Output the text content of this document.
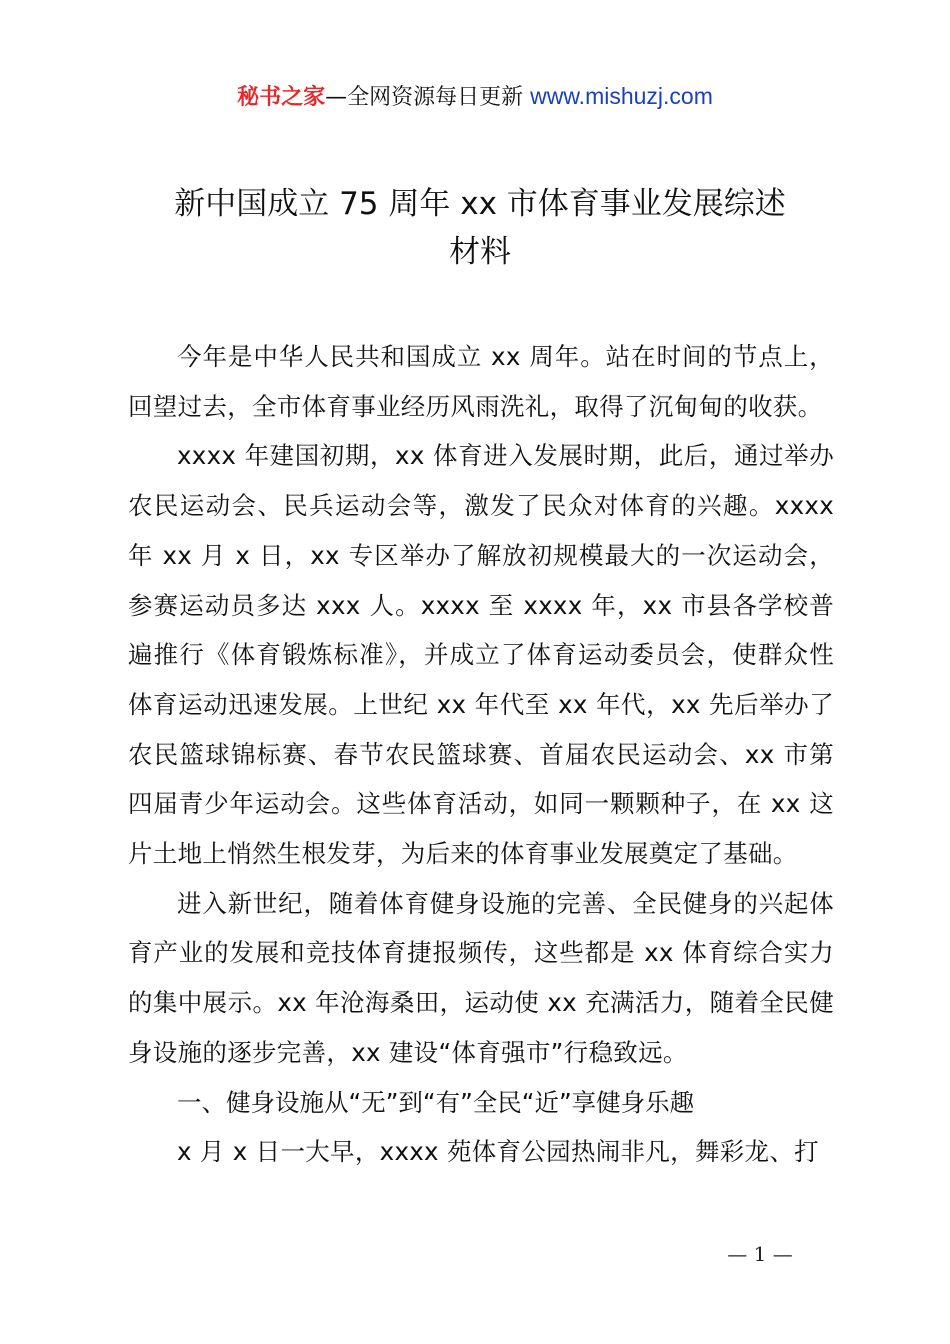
秘书之家—全网资源每日更新 www.mishuzj.com
新中国成立 75 周年 xx 市体育事业发展综述
材料

今年是中华人民共和国成立 xx 周年。站在时间的节点上，回望过去，全市体育事业经历风雨洗礼，取得了沉甸甸的收获。

xxxx 年建国初期，xx 体育进入发展时期，此后，通过举办农民运动会、民兵运动会等，激发了民众对体育的兴趣。xxxx 年 xx 月 x 日，xx 专区举办了解放初规模最大的一次运动会，参赛运动员多达 xxx 人。xxxx 至 xxxx 年，xx 市县各学校普遍推行《体育锻炼标准》，并成立了体育运动委员会，使群众性体育运动迅速发展。上世纪 xx 年代至 xx 年代，xx 先后举办了农民篮球锦标赛、春节农民篮球赛、首届农民运动会、xx 市第四届青少年运动会。这些体育活动，如同一颗颗种子，在 xx 这片土地上悄然生根发芽，为后来的体育事业发展奠定了基础。

进入新世纪，随着体育健身设施的完善、全民健身的兴起体育产业的发展和竞技体育捷报频传，这些都是 xx 体育综合实力的集中展示。xx 年沧海桑田，运动使 xx 充满活力，随着全民健身设施的逐步完善，xx 建设“体育强市”行稳致远。

一、健身设施从“无”到“有”全民“近”享健身乐趣

x 月 x 日一大早，xxxx 苑体育公园热闹非凡，舞彩龙、打

— 1 —
